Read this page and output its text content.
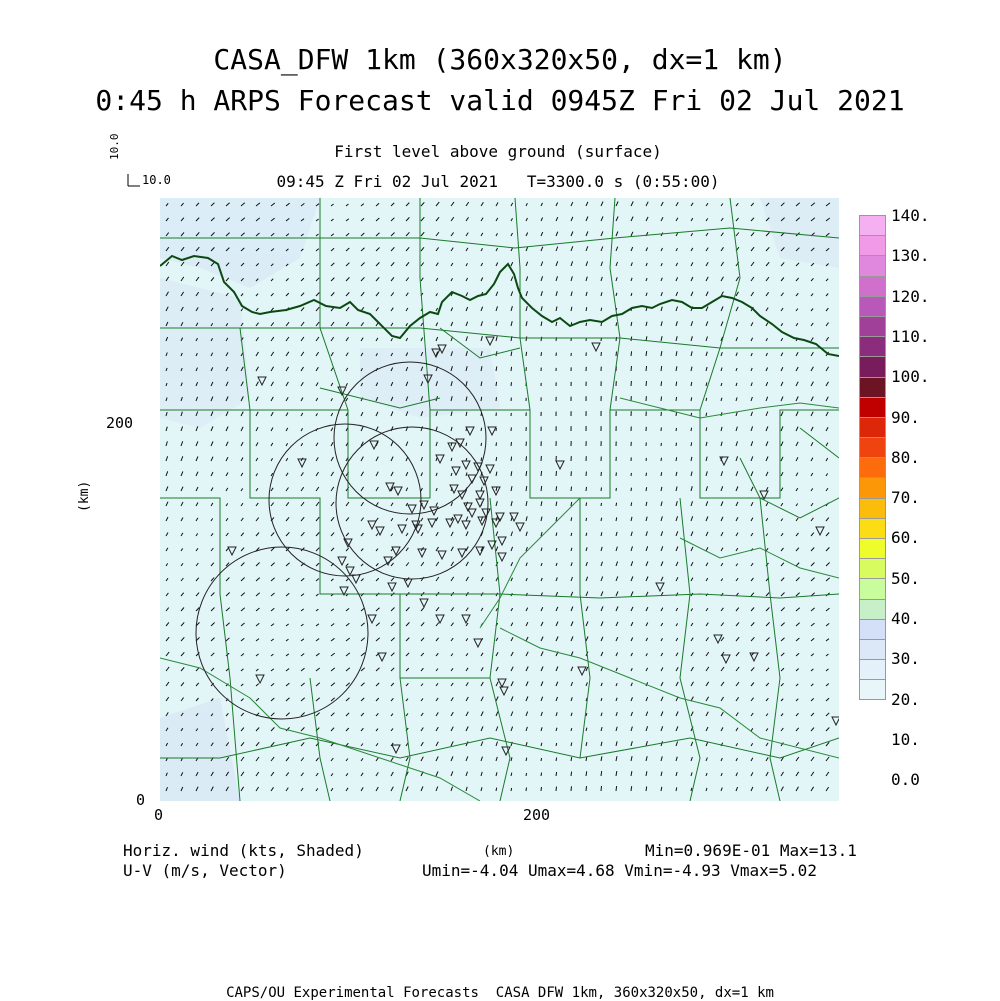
CASA_DFW 1km (360x320x50, dx=1 km)
0:45 h ARPS Forecast valid 0945Z Fri 02 Jul 2021
First level above ground (surface)
09:45 Z Fri 02 Jul 2021   T=3300.0 s (0:55:00)
10.0
10.0
(km)
(km)
200
0
0	200
140.
130.
120.
110.
100.
90.
80.
70.
60.
50.
40.
30.
20.
10.
0.0
Horiz. wind (kts, Shaded)
U-V (m/s, Vector)
Min=0.969E-01 Max=13.1
Umin=-4.04 Umax=4.68 Vmin=-4.93 Vmax=5.02
CAPS/OU Experimental Forecasts  CASA DFW 1km, 360x320x50, dx=1 km
